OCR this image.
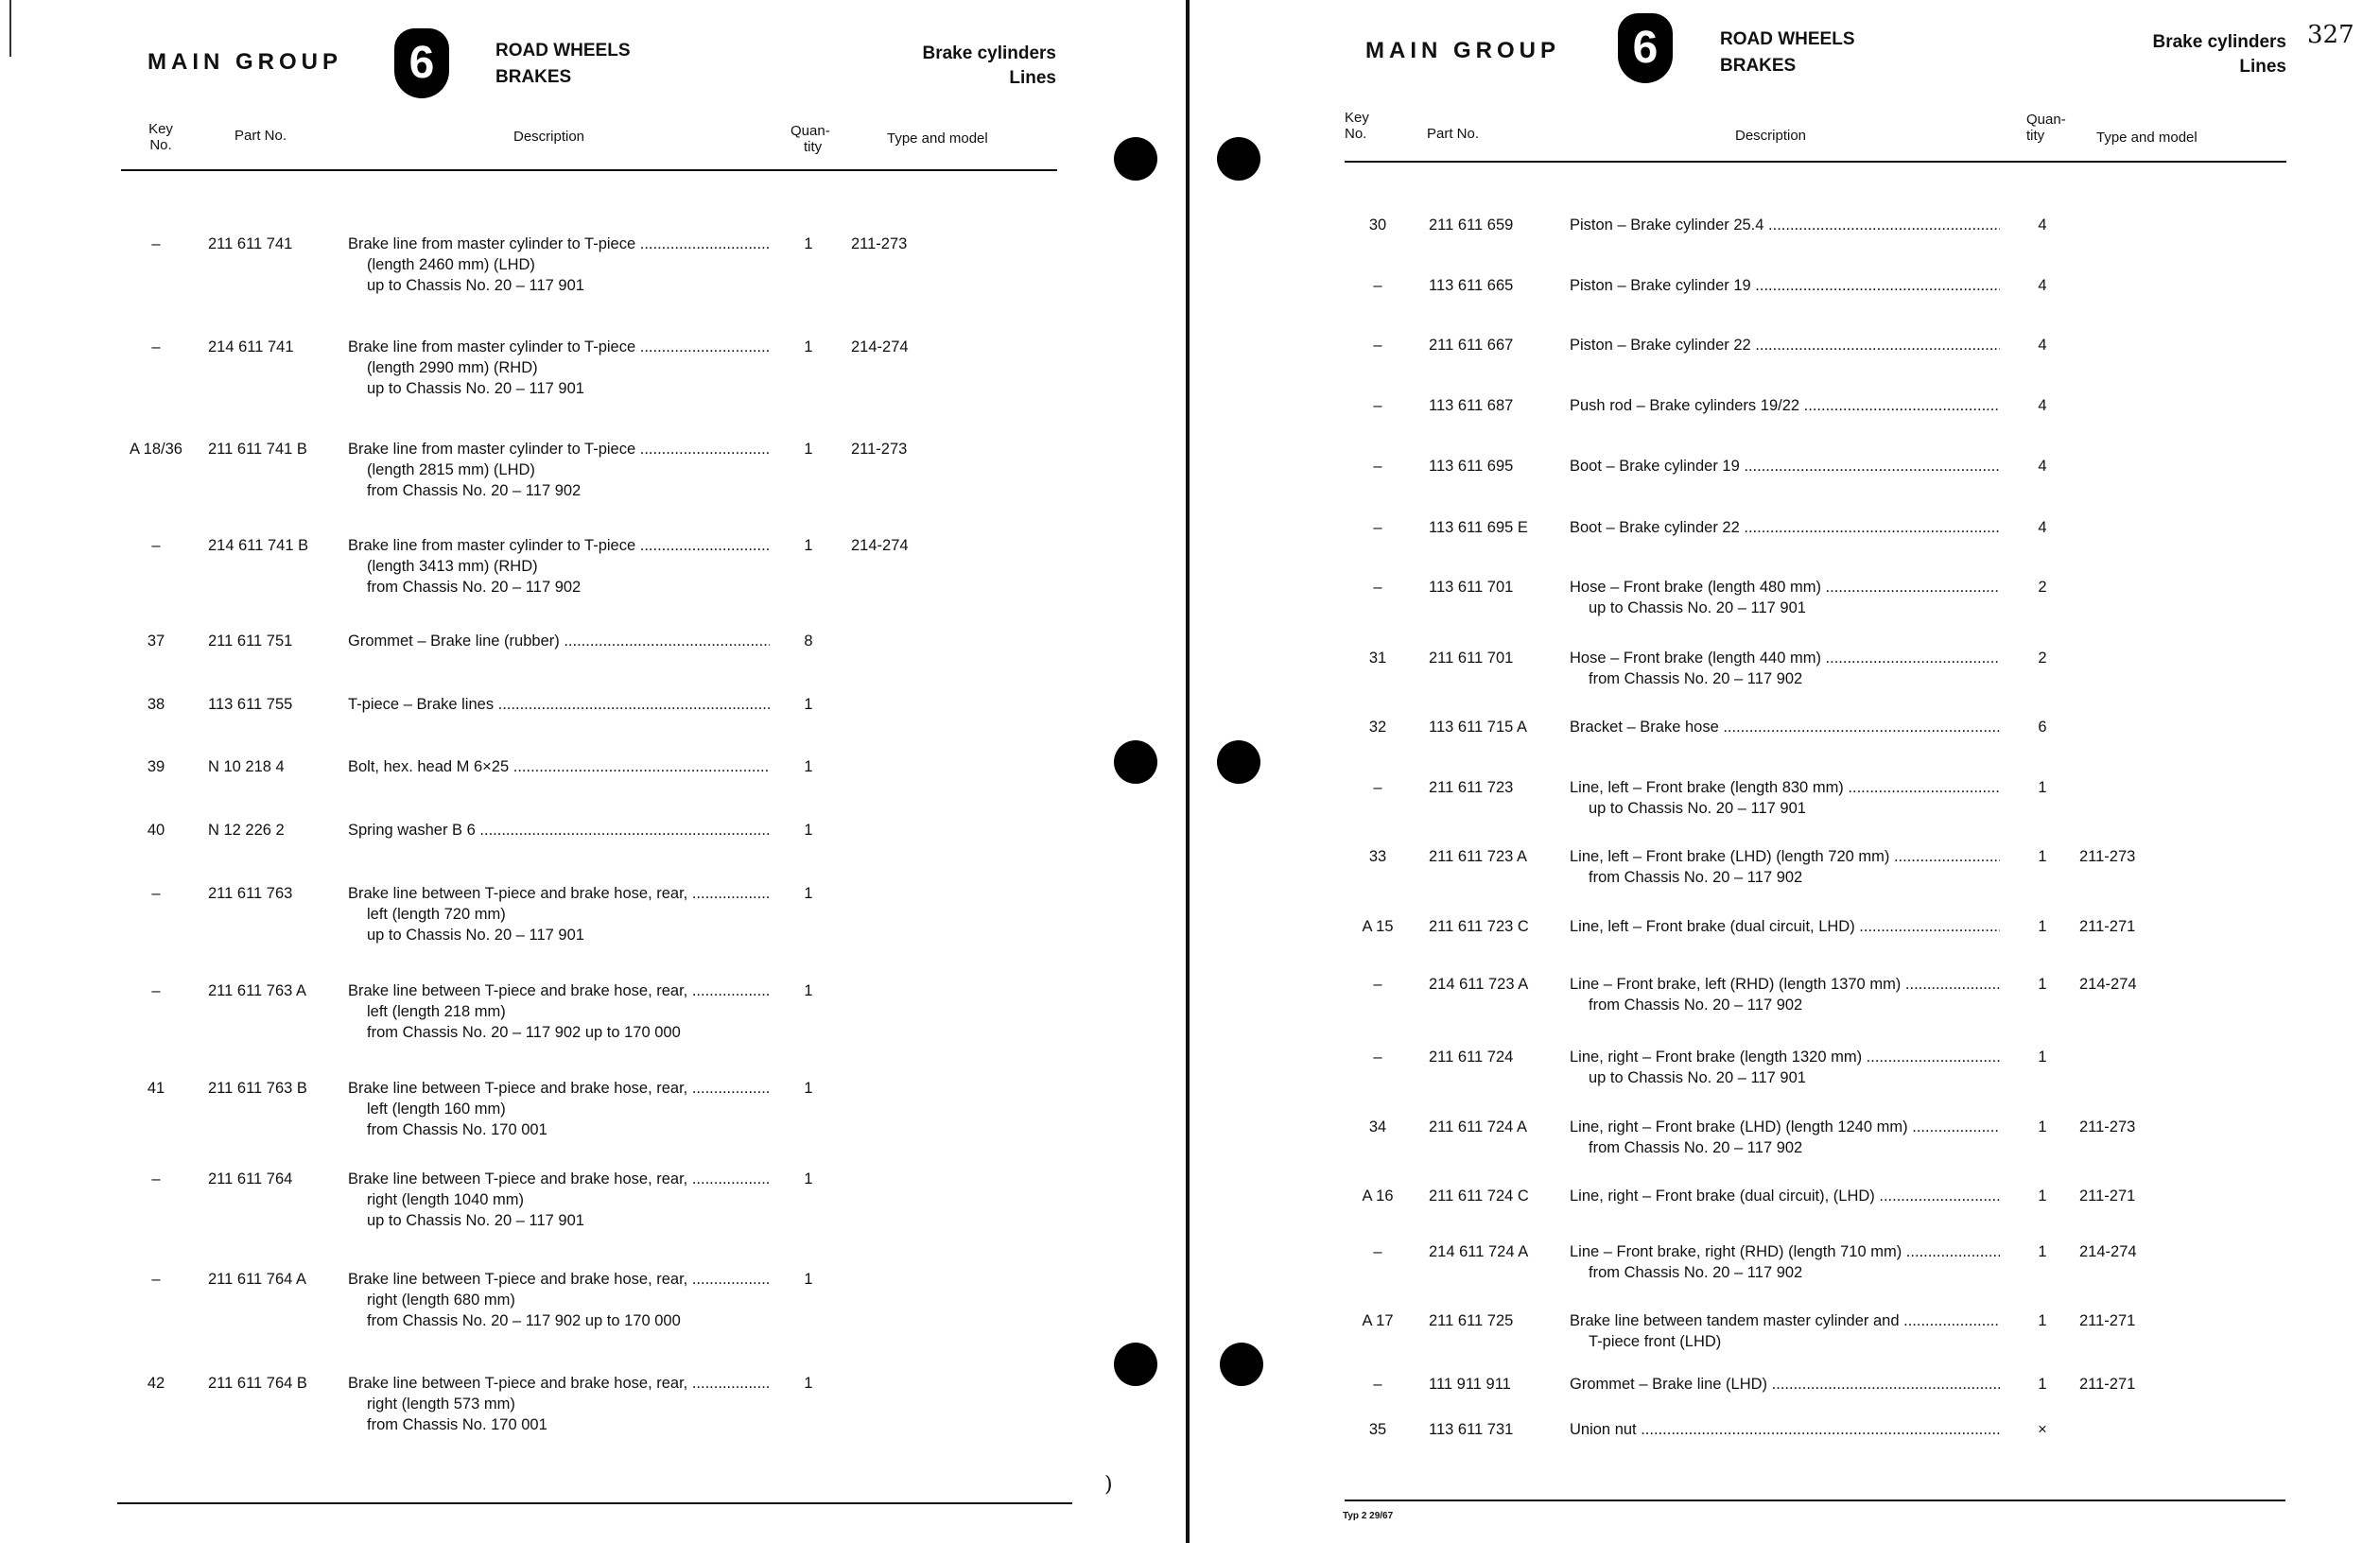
MAIN GROUP	6	ROAD WHEELS
BRAKES
Brake cylinders
Lines
Key
No.
Part No.	Description	Quan-
tity
Type and model
–	211 611 741	Brake line from master cylinder to T-piece .....
(length 2460 mm) (LHD)
up to Chassis No. 20 – 117 901
1	211-273
–	214 611 741	Brake line from master cylinder to T-piece .....
(length 2990 mm) (RHD)
up to Chassis No. 20 – 117 901
1	214-274
A 18/36	211 611 741 B	Brake line from master cylinder to T-piece .....
(length 2815 mm) (LHD)
from Chassis No. 20 – 117 902
1	211-273
–	214 611 741 B	Brake line from master cylinder to T-piece .....
(length 3413 mm) (RHD)
from Chassis No. 20 – 117 902
1	214-274
37	211 611 751	Grommet – Brake line (rubber) .....	8
38	113 611 755	T-piece – Brake lines .....	1
39	N 10 218 4	Bolt, hex. head M 6×25 .....	1
40	N 12 226 2	Spring washer B 6 .....	1
–	211 611 763	Brake line between T-piece and brake hose, rear, .....
left (length 720 mm)
up to Chassis No. 20 – 117 901
1
–	211 611 763 A	Brake line between T-piece and brake hose, rear, .....
left (length 218 mm)
from Chassis No. 20 – 117 902 up to 170 000
1
41	211 611 763 B	Brake line between T-piece and brake hose, rear, .....
left (length 160 mm)
from Chassis No. 170 001
1
–	211 611 764	Brake line between T-piece and brake hose, rear, .....
right (length 1040 mm)
up to Chassis No. 20 – 117 901
1
–	211 611 764 A	Brake line between T-piece and brake hose, rear, .....
right (length 680 mm)
from Chassis No. 20 – 117 902 up to 170 000
1
42	211 611 764 B	Brake line between T-piece and brake hose, rear, .....
right (length 573 mm)
from Chassis No. 170 001
1
)
MAIN GROUP	6	ROAD WHEELS
BRAKES
Brake cylinders
Lines
327
Key
No.	Part No.	Description
Quan-
tity	Type and model
30	211 611 659	Piston – Brake cylinder 25.4 .....	4
–	113 611 665	Piston – Brake cylinder 19 .....	4
–	211 611 667	Piston – Brake cylinder 22 .....	4
–	113 611 687	Push rod – Brake cylinders 19/22 .....	4
–	113 611 695	Boot – Brake cylinder 19 .....	4
–	113 611 695 E	Boot – Brake cylinder 22 .....	4
–	113 611 701	Hose – Front brake (length 480 mm) .....
up to Chassis No. 20 – 117 901
2
31	211 611 701	Hose – Front brake (length 440 mm) .....
from Chassis No. 20 – 117 902
2
32	113 611 715 A	Bracket – Brake hose .....	6
–	211 611 723	Line, left – Front brake (length 830 mm) .....
up to Chassis No. 20 – 117 901
1
33	211 611 723 A	Line, left – Front brake (LHD) (length 720 mm) .....
from Chassis No. 20 – 117 902
1	211-273
A 15	211 611 723 C	Line, left – Front brake (dual circuit, LHD) .....	1	211-271
–	214 611 723 A	Line – Front brake, left (RHD) (length 1370 mm) .....
from Chassis No. 20 – 117 902
1	214-274
–	211 611 724	Line, right – Front brake (length 1320 mm) .....
up to Chassis No. 20 – 117 901
1
34	211 611 724 A	Line, right – Front brake (LHD) (length 1240 mm) .....
from Chassis No. 20 – 117 902
1	211-273
A 16	211 611 724 C	Line, right – Front brake (dual circuit), (LHD) .....	1	211-271
–	214 611 724 A	Line – Front brake, right (RHD) (length 710 mm) .....
from Chassis No. 20 – 117 902
1	214-274
A 17	211 611 725	Brake line between tandem master cylinder and .....
T-piece front (LHD)
1	211-271
–	111 911 911	Grommet – Brake line (LHD) .....	1	211-271
35	113 611 731	Union nut .....	×
Typ 2 29/67
